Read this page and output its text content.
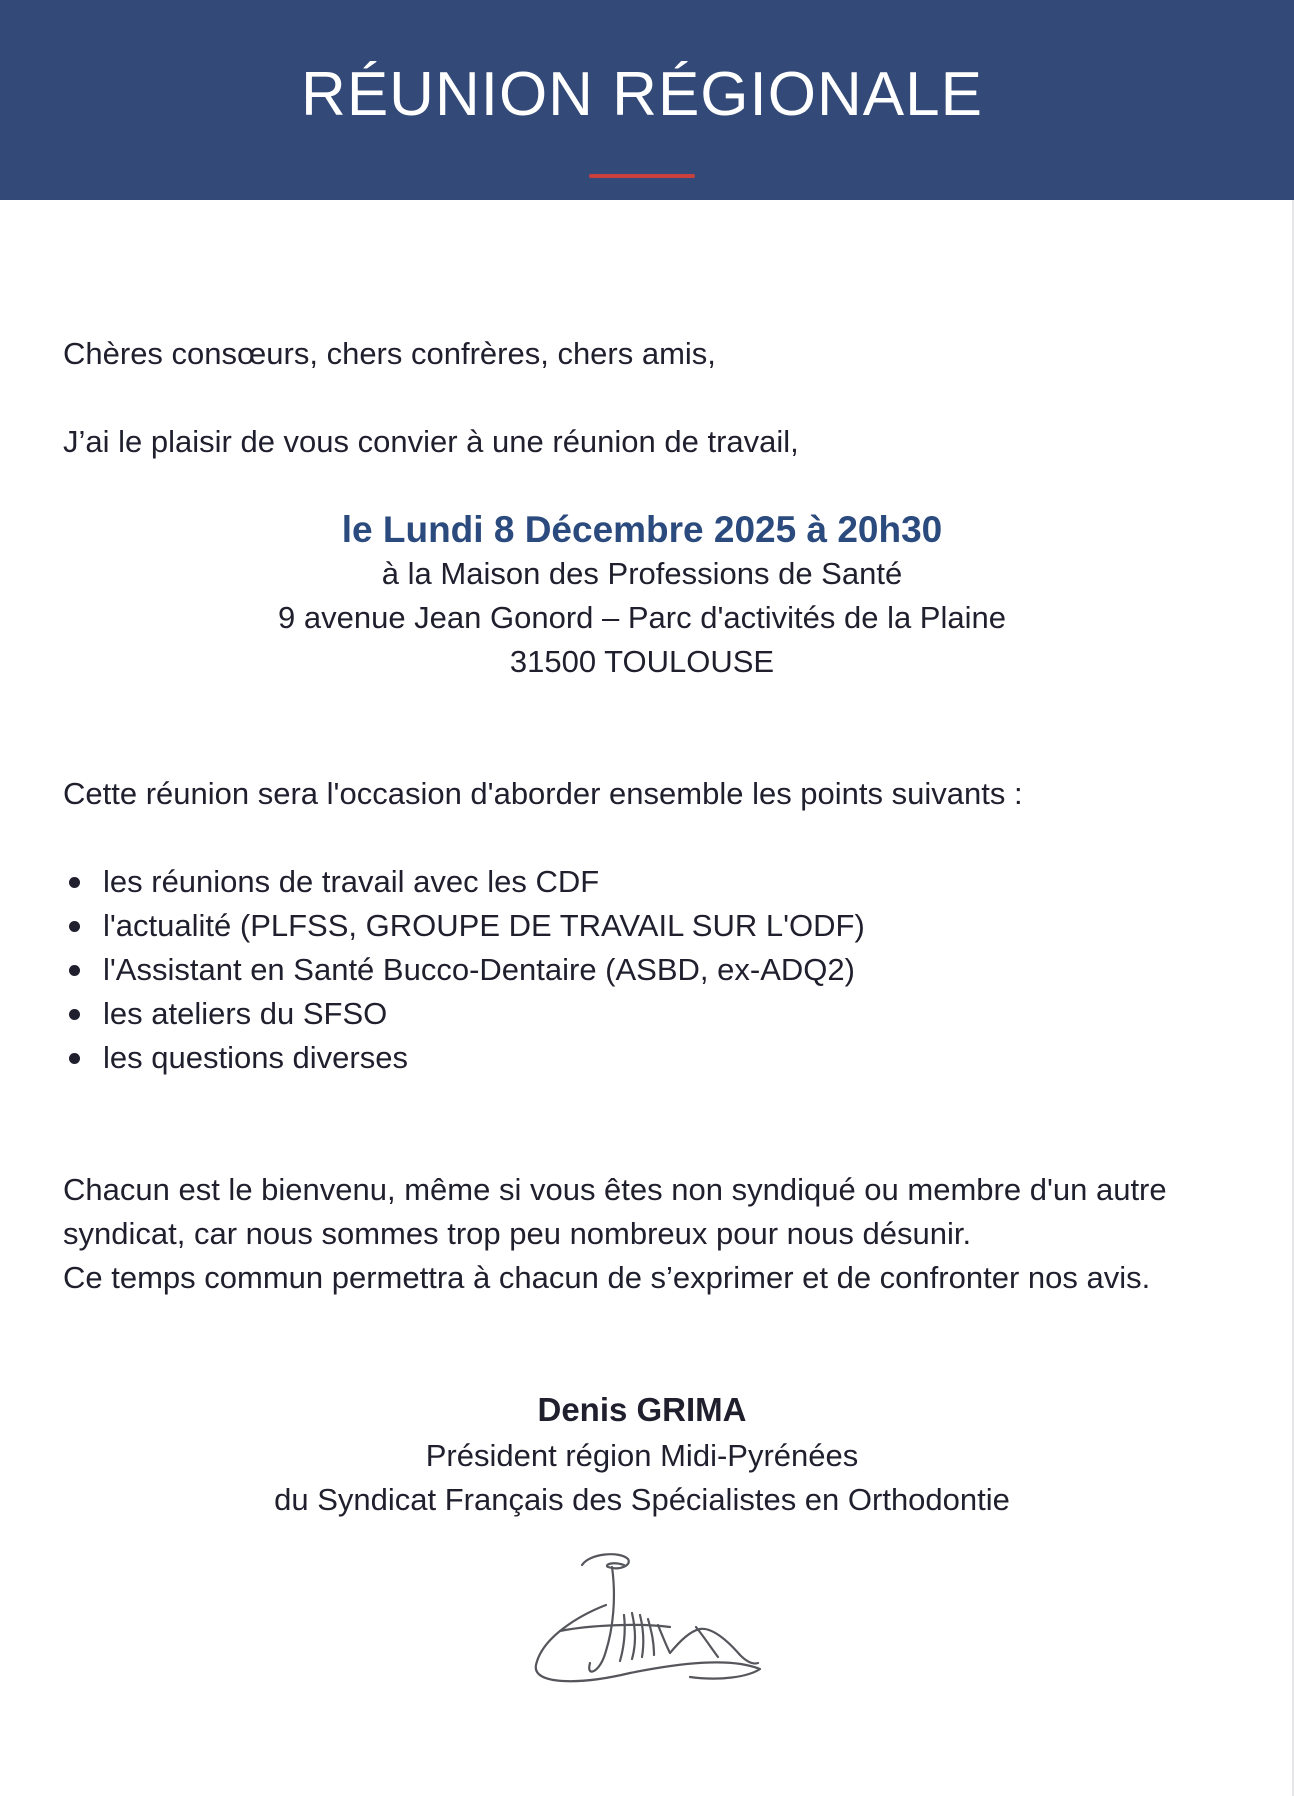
RÉUNION RÉGIONALE

Chères consœurs, chers confrères, chers amis,

J’ai le plaisir de vous convier à une réunion de travail,

le Lundi 8 Décembre 2025 à 20h30

à la Maison des Professions de Santé

9 avenue Jean Gonord – Parc d'activités de la Plaine

31500 TOULOUSE

Cette réunion sera l'occasion d'aborder ensemble les points suivants :

les réunions de travail avec les CDF
l'actualité (PLFSS, GROUPE DE TRAVAIL SUR L'ODF)
l'Assistant en Santé Bucco-Dentaire (ASBD, ex-ADQ2)
les ateliers du SFSO
les questions diverses

Chacun est le bienvenu, même si vous êtes non syndiqué ou membre d'un autre

syndicat, car nous sommes trop peu nombreux pour nous désunir.

Ce temps commun permettra à chacun de s’exprimer et de confronter nos avis.

Denis GRIMA

Président région Midi-Pyrénées

du Syndicat Français des Spécialistes en Orthodontie
